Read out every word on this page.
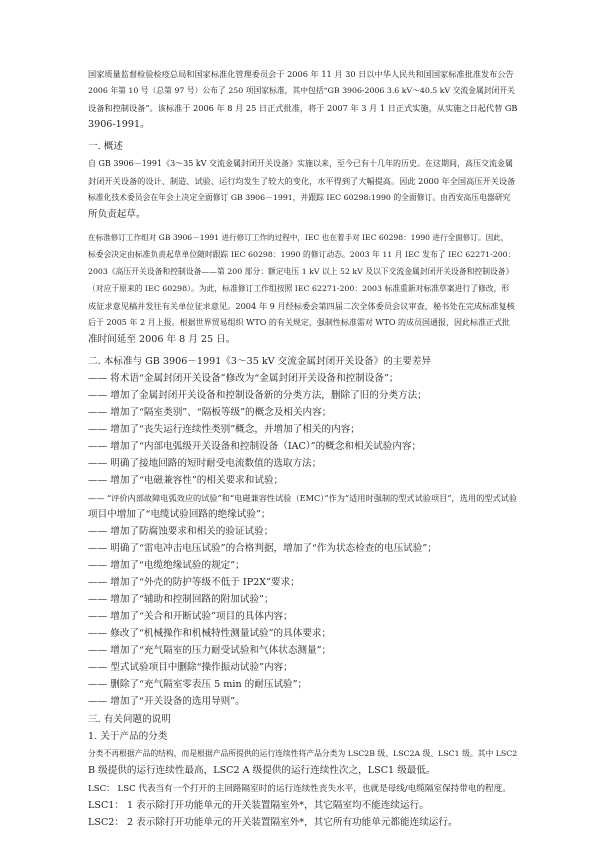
国家质量监督检验检疫总局和国家标准化管理委员会于 2006 年 11 月 30 日以中华人民共和国国家标准批准发布公告
2006 年第 10 号（总第 97 号）公布了 250 项国家标准，其中包括“GB 3906-2006 3.6 kV～40.5 kV 交流金属封闭开关
设备和控制设备”。该标准于 2006 年 8 月 25 日正式批准，将于 2007 年 3 月 1 日正式实施，从实施之日起代替 GB
3906-1991。
一. 概述
自 GB 3906－1991《3～35 kV 交流金属封闭开关设备》实施以来，至今已有十几年的历史。在这期间，高压交流金属
封闭开关设备的设计、制造、试验、运行均发生了较大的变化，水平得到了大幅提高。因此 2000 年全国高压开关设备
标准化技术委员会在年会上决定全面修订 GB 3906－1991，并跟踪 IEC 60298:1990 的全面修订。由西安高压电器研究
所负责起草。
在标准修订工作组对 GB 3906－1991 进行修订工作的过程中，IEC 也在着手对 IEC 60298：1990 进行全面修订。因此，
标委会决定由标准负责起草单位随时跟踪 IEC 60298：1990 的修订动态。2003 年 11 月 IEC 发布了 IEC 62271-200：
2003《高压开关设备和控制设备——第 200 部分：额定电压 1 kV 以上 52 kV 及以下交流金属封闭开关设备和控制设备》
（对应于原来的 IEC 60298）。为此，标准修订工作组按照 IEC 62271-200：2003 标准重新对标准草案进行了修改，形
成征求意见稿并发往有关单位征求意见。2004 年 9 月经标委会第四届二次全体委员会议审查，秘书处在完成标准复核
后于 2005 年 2 月上报。根据世界贸易组织 WTO 的有关规定，强制性标准需对 WTO 的成员国通报，因此标准正式批
准时间延至 2006 年 8 月 25 日。
二. 本标准与 GB 3906－1991《3～35 kV 交流金属封闭开关设备》的主要差异
—— 将术语“金属封闭开关设备”修改为“金属封闭开关设备和控制设备”；
—— 增加了金属封闭开关设备和控制设备新的分类方法，删除了旧的分类方法；
—— 增加了“隔室类别”、“隔板等级”的概念及相关内容；
—— 增加了“丧失运行连续性类别”概念，并增加了相关的内容；
—— 增加了“内部电弧级开关设备和控制设备（IAC）”的概念和相关试验内容；
—— 明确了接地回路的短时耐受电流数值的选取方法；
—— 增加了“电磁兼容性”的相关要求和试验；
—— “评价内部故障电弧效应的试验”和“电磁兼容性试验（EMC）”作为“适用时强制的型式试验项目”，选用的型式试验
项目中增加了“电缆试验回路的绝缘试验”；
—— 增加了防腐蚀要求和相关的验证试验；
—— 明确了“雷电冲击电压试验”的合格判据，增加了“作为状态检查的电压试验”；
—— 增加了“电缆绝缘试验的规定”；
—— 增加了“外壳的防护等级不低于 IP2X”要求；
—— 增加了“辅助和控制回路的附加试验”；
—— 增加了“关合和开断试验”项目的具体内容；
—— 修改了“机械操作和机械特性测量试验”的具体要求；
—— 增加了“充气隔室的压力耐受试验和气体状态测量”；
—— 型式试验项目中删除“操作振动试验”内容；
—— 删除了“充气隔室零表压 5 min 的耐压试验”；
—— 增加了“开关设备的选用导则”。
三. 有关问题的说明
1. 关于产品的分类
分类不再根据产品的结构，而是根据产品所提供的运行连续性将产品分类为 LSC2B 级、LSC2A 级、LSC1 级。其中 LSC2
B 级提供的运行连续性最高，LSC2 A 级提供的运行连续性次之，LSC1 级最低。
LSC： LSC 代表当有一个打开的主回路隔室时的运行连续性丧失水平，也就是母线/电缆隔室保持带电的程度。
LSC1： 1 表示除打开功能单元的开关装置隔室外*，其它隔室均不能连续运行。
LSC2： 2 表示除打开功能单元的开关装置隔室外*，其它所有功能单元都能连续运行。
